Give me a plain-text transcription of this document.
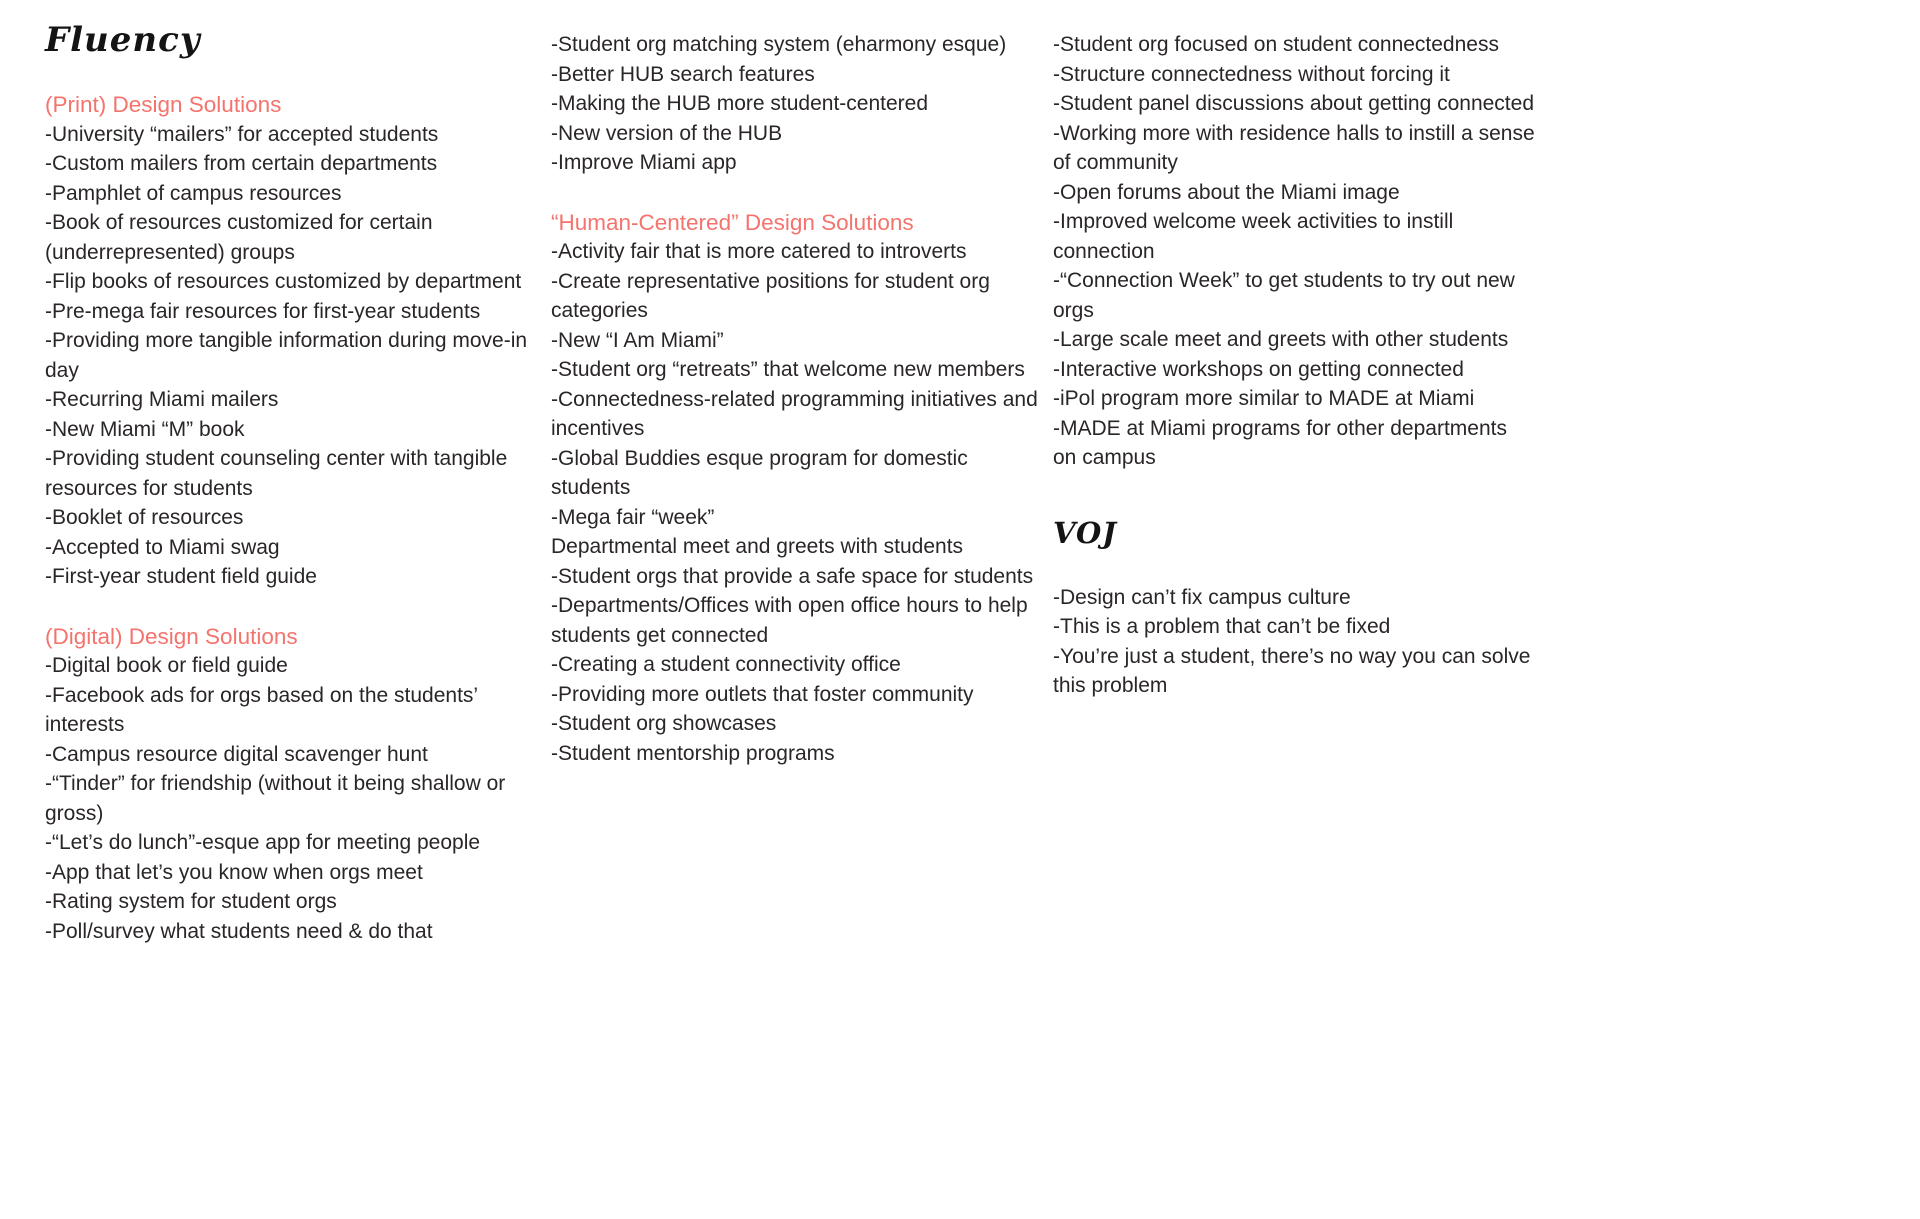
Fluency
(Print) Design Solutions
-University “mailers” for accepted students
-Custom mailers from certain departments
-Pamphlet of campus resources
-Book of resources customized for certain (underrepresented) groups
-Flip books of resources customized by department
-Pre-mega fair resources for first-year students
-Providing more tangible information during move-in day
-Recurring Miami mailers
-New Miami “M” book
-Providing student counseling center with tangible resources for students
-Booklet of resources
-Accepted to Miami swag
-First-year student field guide
(Digital) Design Solutions
-Digital book or field guide
-Facebook ads for orgs based on the students’ interests
-Campus resource digital scavenger hunt
-“Tinder” for friendship (without it being shallow or gross)
-“Let’s do lunch”-esque app for meeting people
-App that let’s you know when orgs meet
-Rating system for student orgs
-Poll/survey what students need & do that
-Student org matching system (eharmony esque)
-Better HUB search features
-Making the HUB more student-centered
-New version of the HUB
-Improve Miami app
“Human-Centered” Design Solutions
-Activity fair that is more catered to introverts
-Create representative positions for student org categories
-New “I Am Miami”
-Student org “retreats” that welcome new members
-Connectedness-related programming initiatives and incentives
-Global Buddies esque program for domestic students
-Mega fair “week”
Departmental meet and greets with students
-Student orgs that provide a safe space for students
-Departments/Offices with open office hours to help students get connected
-Creating a student connectivity office
-Providing more outlets that foster community
-Student org showcases
-Student mentorship programs
-Student org focused on student connectedness
-Structure connectedness without forcing it
-Student panel discussions about getting connected
-Working more with residence halls to instill a sense of community
-Open forums about the Miami image
-Improved welcome week activities to instill connection
-“Connection Week” to get students to try out new orgs
-Large scale meet and greets with other students
-Interactive workshops on getting connected
-iPol program more similar to MADE at Miami
-MADE at Miami programs for other departments on campus
VOJ
-Design can’t fix campus culture
-This is a problem that can’t be fixed
-You’re just a student, there’s no way you can solve this problem
